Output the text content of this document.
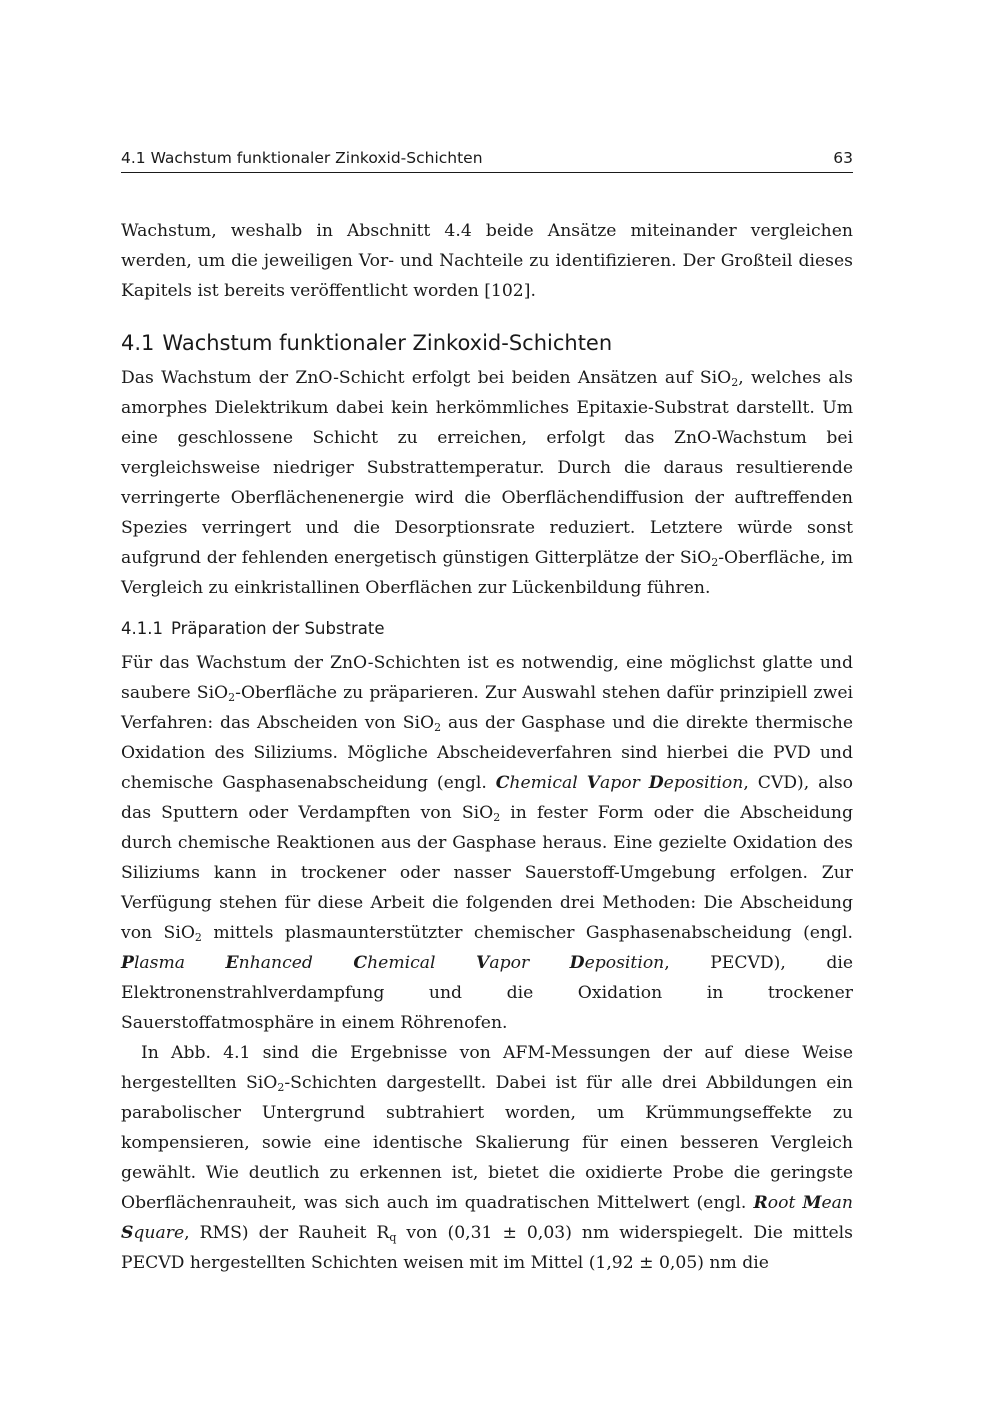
4.1 Wachstum funktionaler Zinkoxid-Schichten	63

Wachstum, weshalb in Abschnitt 4.4 beide Ansätze miteinander vergleichen werden, um die jeweiligen Vor- und Nachteile zu identifizieren. Der Großteil dieses Kapitels ist bereits veröffentlicht worden [102].

4.1 Wachstum funktionaler Zinkoxid-Schichten

Das Wachstum der ZnO-Schicht erfolgt bei beiden Ansätzen auf SiO$_2$, welches als amorphes Dielektrikum dabei kein herkömmliches Epitaxie-Substrat darstellt. Um eine geschlossene Schicht zu erreichen, erfolgt das ZnO-Wachstum bei vergleichsweise niedriger Substrattemperatur. Durch die daraus resultierende verringerte Oberflächenenergie wird die Oberflächendiffusion der auftreffenden Spezies verringert und die Desorptionsrate reduziert. Letztere würde sonst aufgrund der fehlenden energetisch günstigen Gitterplätze der SiO$_2$-Oberfläche, im Vergleich zu einkristallinen Oberflächen zur Lückenbildung führen.

4.1.1 Präparation der Substrate

Für das Wachstum der ZnO-Schichten ist es notwendig, eine möglichst glatte und saubere SiO$_2$-Oberfläche zu präparieren. Zur Auswahl stehen dafür prinzipiell zwei Verfahren: das Abscheiden von SiO$_2$ aus der Gasphase und die direkte thermische Oxidation des Siliziums. Mögliche Abscheideverfahren sind hierbei die PVD und chemische Gasphasenabscheidung (engl. Chemical Vapor Deposition, CVD), also das Sputtern oder Verdampften von SiO$_2$ in fester Form oder die Abscheidung durch chemische Reaktionen aus der Gasphase heraus. Eine gezielte Oxidation des Siliziums kann in trockener oder nasser Sauerstoff-Umgebung erfolgen. Zur Verfügung stehen für diese Arbeit die folgenden drei Methoden: Die Abscheidung von SiO$_2$ mittels plasmaunterstützter chemischer Gasphasenabscheidung (engl. Plasma Enhanced Chemical Vapor Deposition, PECVD), die Elektronenstrahlverdampfung und die Oxidation in trockener Sauerstoffatmosphäre in einem Röhrenofen.

In Abb. 4.1 sind die Ergebnisse von AFM-Messungen der auf diese Weise hergestellten SiO$_2$-Schichten dargestellt. Dabei ist für alle drei Abbildungen ein parabolischer Untergrund subtrahiert worden, um Krümmungseffekte zu kompensieren, sowie eine identische Skalierung für einen besseren Vergleich gewählt. Wie deutlich zu erkennen ist, bietet die oxidierte Probe die geringste Oberflächenrauheit, was sich auch im quadratischen Mittelwert (engl. Root Mean Square, RMS) der Rauheit $R_q$ von (0,31 ± 0,03) nm widerspiegelt. Die mittels PECVD hergestellten Schichten weisen mit im Mittel (1,92 ± 0,05) nm die
